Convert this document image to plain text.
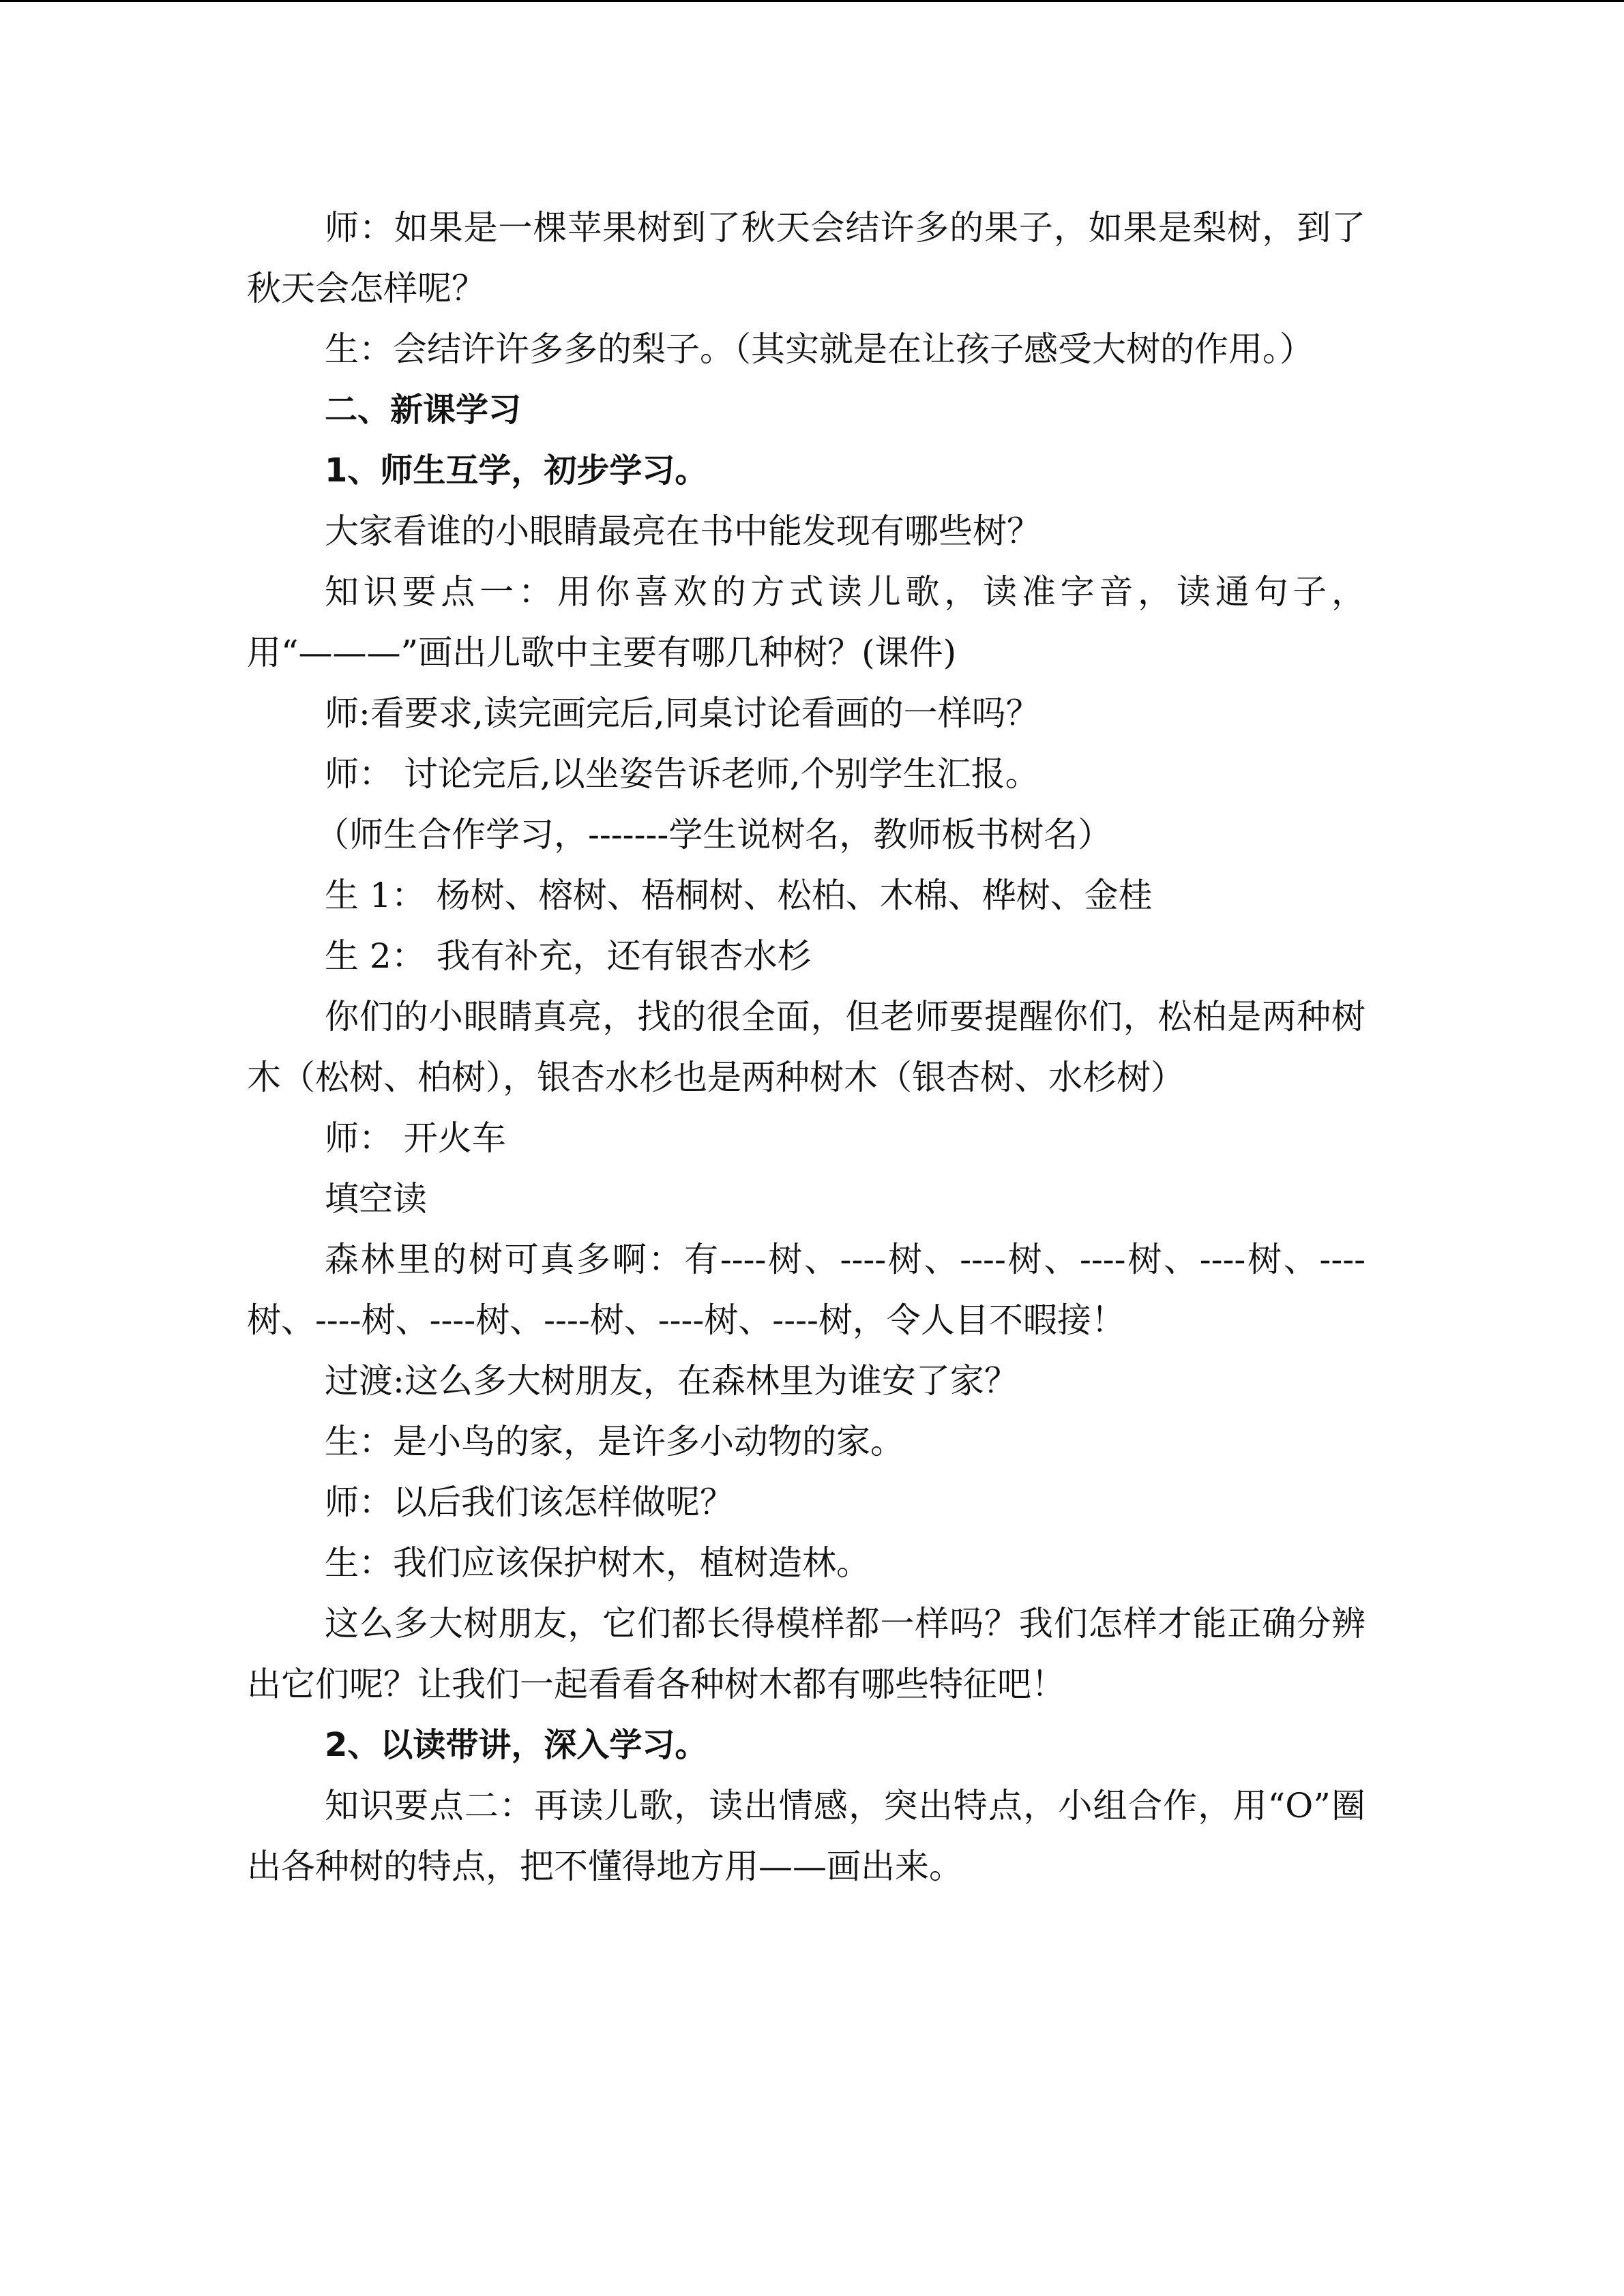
师：如果是一棵苹果树到了秋天会结许多的果子，如果是梨树，到了秋天会怎样呢？

生：会结许许多多的梨子。（其实就是在让孩子感受大树的作用。）

二、新课学习

1、师生互学，初步学习。

大家看谁的小眼睛最亮在书中能发现有哪些树？

知识要点一：用你喜欢的方式读儿歌，读准字音，读通句子，用“———”画出儿歌中主要有哪几种树？(课件)

师:看要求,读完画完后,同桌讨论看画的一样吗？

师： 讨论完后,以坐姿告诉老师,个别学生汇报。

（师生合作学习，-------学生说树名，教师板书树名）

生 1： 杨树、榕树、梧桐树、松柏、木棉、桦树、金桂

生 2： 我有补充，还有银杏水杉

你们的小眼睛真亮，找的很全面，但老师要提醒你们，松柏是两种树木（松树、柏树），银杏水杉也是两种树木（银杏树、水杉树）

师： 开火车

填空读

森林里的树可真多啊：有----树、----树、----树、----树、----树、---- 树、----树、----树、----树、----树、----树，令人目不暇接！

过渡:这么多大树朋友，在森林里为谁安了家？

生：是小鸟的家，是许多小动物的家。

师：以后我们该怎样做呢？

生：我们应该保护树木，植树造林。

这么多大树朋友，它们都长得模样都一样吗？我们怎样才能正确分辨出它们呢？让我们一起看看各种树木都有哪些特征吧！

2、以读带讲，深入学习。

知识要点二：再读儿歌，读出情感，突出特点，小组合作，用“O”圈出各种树的特点，把不懂得地方用——画出来。
